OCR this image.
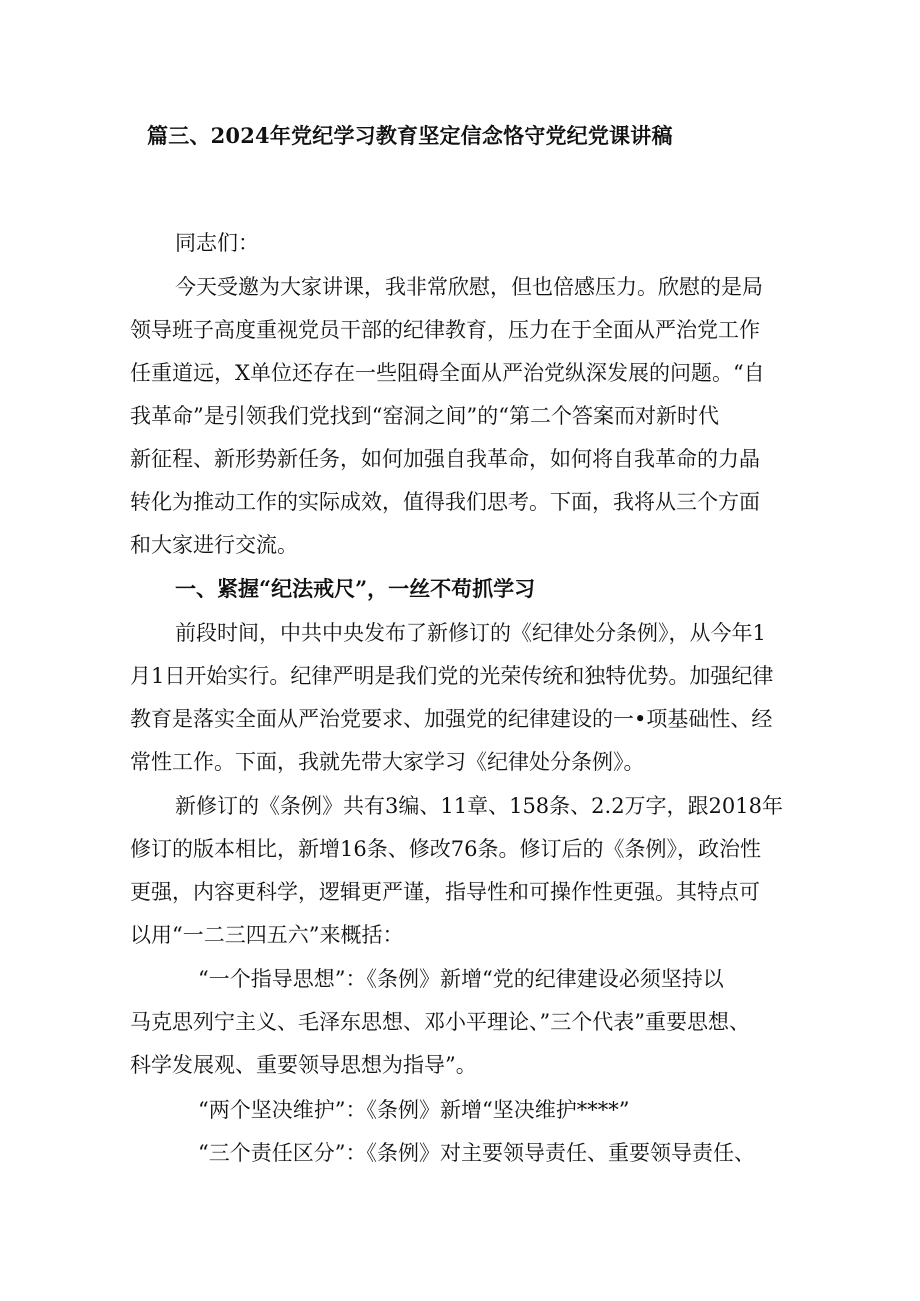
篇三、2024年党纪学习教育坚定信念恪守党纪党课讲稿

同志们：

今天受邀为大家讲课，我非常欣慰，但也倍感压力。欣慰的是局

领导班子高度重视党员干部的纪律教育，压力在于全面从严治党工作

任重道远，X单位还存在一些阻碍全面从严治党纵深发展的问题。“自

我革命”是引领我们党找到“窑洞之间”的“第二个答案而对新时代

新征程、新形势新任务，如何加强自我革命，如何将自我革命的力晶

转化为推动工作的实际成效，值得我们思考。下面，我将从三个方面

和大家进行交流。

一、紧握“纪法戒尺”，一丝不苟抓学习

前段时间，中共中央发布了新修订的《纪律处分条例》，从今年1

月1日开始实行。纪律严明是我们党的光荣传统和独特优势。加强纪律

教育是落实全面从严治党要求、加强党的纪律建设的一•项基础性、经

常性工作。下面，我就先带大家学习《纪律处分条例》。

新修订的《条例》共有3编、11章、158条、2.2万字，跟2018年

修订的版本相比，新增16条、修改76条。修订后的《条例》，政治性

更强，内容更科学，逻辑更严谨，指导性和可操作性更强。其特点可

以用“一二三四五六”来概括：

“一个指导思想”：《条例》新增“党的纪律建设必须坚持以

马克思列宁主义、毛泽东思想、邓小平理论、”三个代表”重要思想、

科学发展观、重要领导思想为指导”。

“两个坚决维护”：《条例》新增“坚决维护****”

“三个责任区分”：《条例》对主要领导责任、重要领导责任、
